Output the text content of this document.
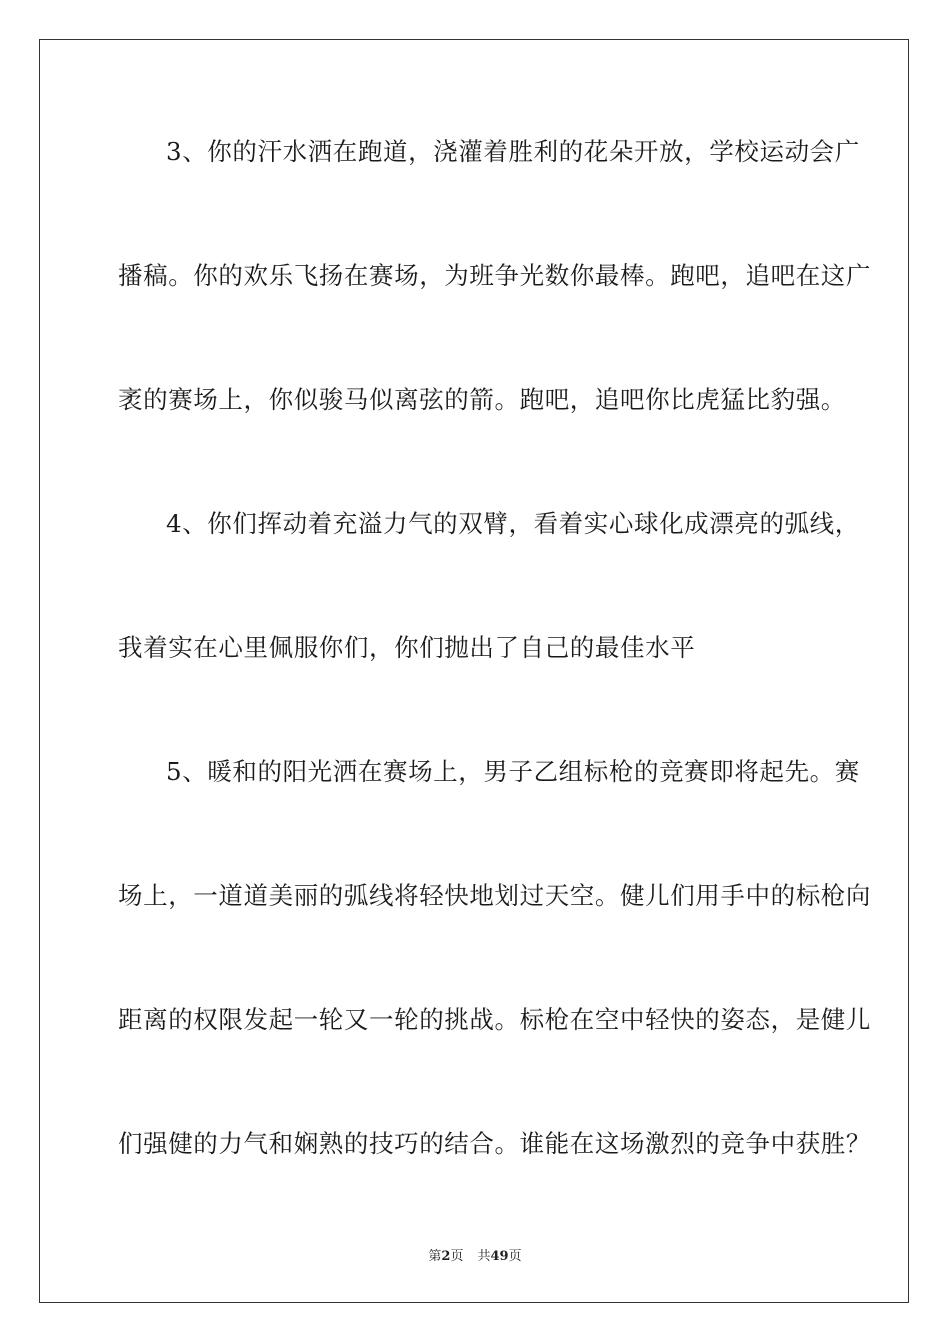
3、你的汗水洒在跑道，浇灌着胜利的花朵开放，学校运动会广
播稿。你的欢乐飞扬在赛场，为班争光数你最棒。跑吧，追吧在这广
袤的赛场上，你似骏马似离弦的箭。跑吧，追吧你比虎猛比豹强。
4、你们挥动着充溢力气的双臂，看着实心球化成漂亮的弧线，
我着实在心里佩服你们，你们抛出了自己的最佳水平
5、暖和的阳光洒在赛场上，男子乙组标枪的竞赛即将起先。赛
场上，一道道美丽的弧线将轻快地划过天空。健儿们用手中的标枪向
距离的权限发起一轮又一轮的挑战。标枪在空中轻快的姿态，是健儿
们强健的力气和娴熟的技巧的结合。谁能在这场激烈的竞争中获胜？
第2页 共49页
